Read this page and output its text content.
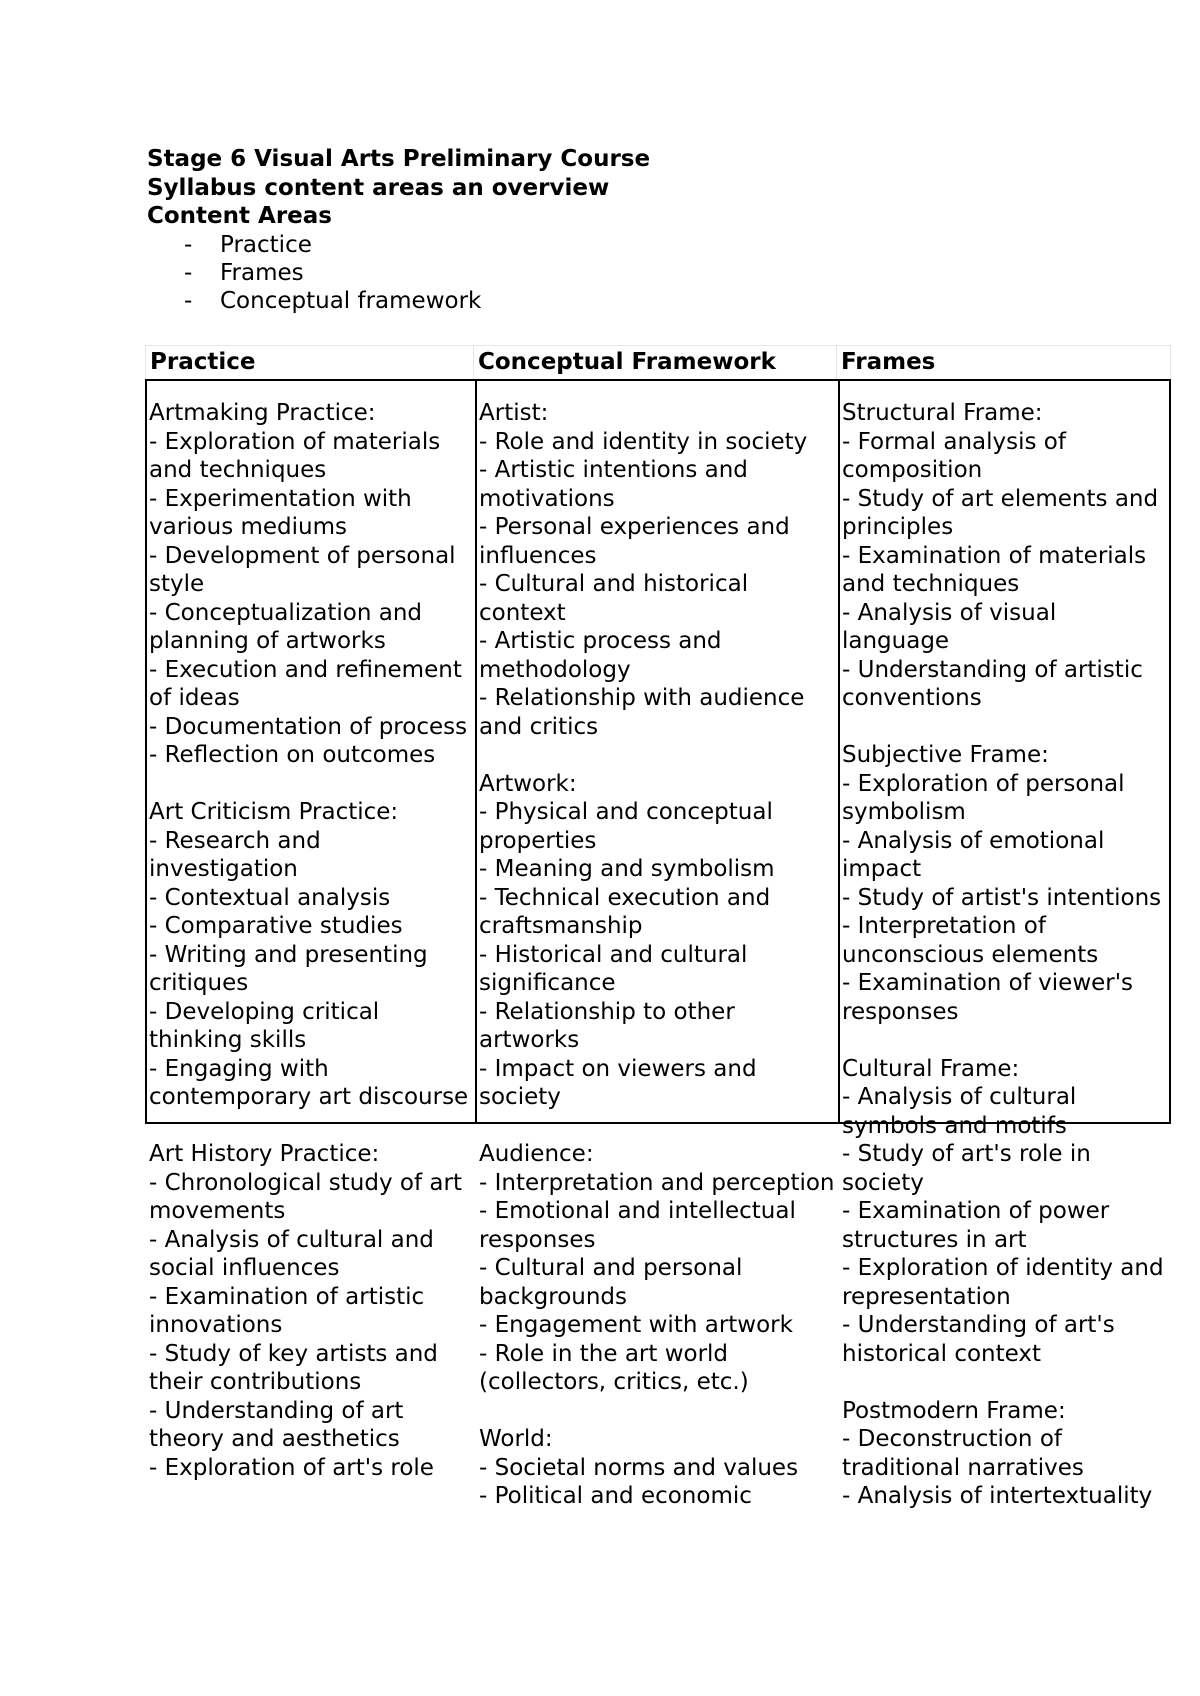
Stage 6 Visual Arts Preliminary Course
Syllabus content areas an overview
Content Areas
- Practice
- Frames
- Conceptual framework
Practice	Conceptual Framework	Frames
Artmaking Practice:
- Exploration of materials and techniques
- Experimentation with various mediums
- Development of personal style
- Conceptualization and planning of artworks
- Execution and refinement of ideas
- Documentation of process
- Reflection on outcomes
Art Criticism Practice:
- Research and investigation
- Contextual analysis
- Comparative studies
- Writing and presenting critiques
- Developing critical thinking skills
- Engaging with contemporary art discourse
Art History Practice:
- Chronological study of art movements
- Analysis of cultural and social influences
- Examination of artistic innovations
- Study of key artists and their contributions
- Understanding of art theory and aesthetics
- Exploration of art's role
Artist:
- Role and identity in society
- Artistic intentions and motivations
- Personal experiences and influences
- Cultural and historical context
- Artistic process and methodology
- Relationship with audience and critics
Artwork:
- Physical and conceptual properties
- Meaning and symbolism
- Technical execution and craftsmanship
- Historical and cultural significance
- Relationship to other artworks
- Impact on viewers and society
Audience:
- Interpretation and perception
- Emotional and intellectual responses
- Cultural and personal backgrounds
- Engagement with artwork
- Role in the art world (collectors, critics, etc.)
World:
- Societal norms and values
- Political and economic
Structural Frame:
- Formal analysis of composition
- Study of art elements and principles
- Examination of materials and techniques
- Analysis of visual language
- Understanding of artistic conventions
Subjective Frame:
- Exploration of personal symbolism
- Analysis of emotional impact
- Study of artist's intentions
- Interpretation of unconscious elements
- Examination of viewer's responses
Cultural Frame:
- Analysis of cultural symbols and motifs
- Study of art's role in society
- Examination of power structures in art
- Exploration of identity and representation
- Understanding of art's historical context
Postmodern Frame:
- Deconstruction of traditional narratives
- Analysis of intertextuality
